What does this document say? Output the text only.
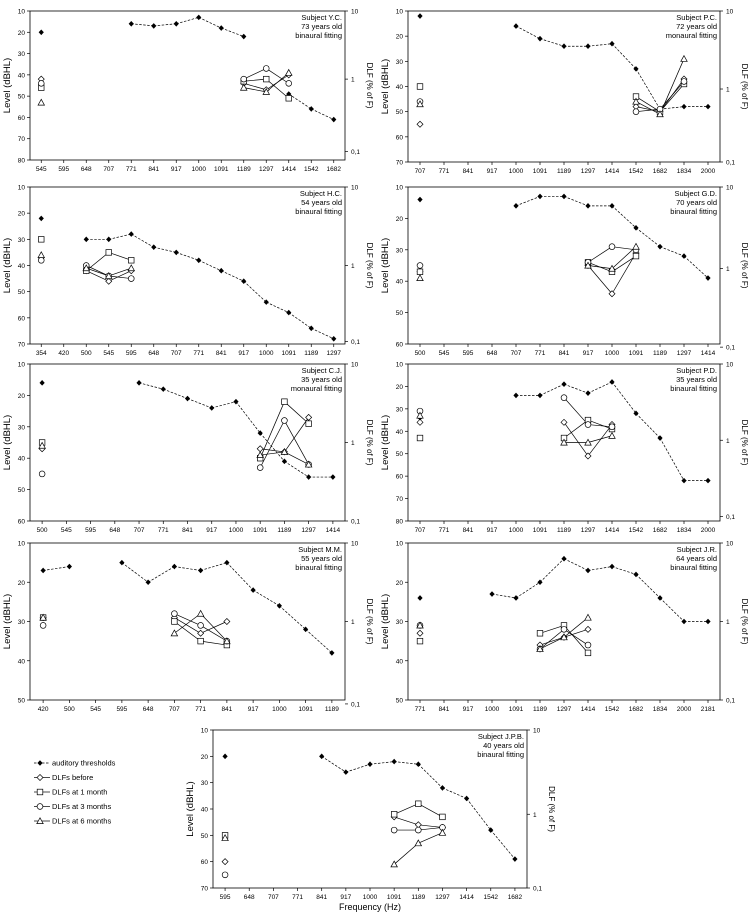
10
20
30
40
50
60
70
80
10
1
0,1
545 595 648 707 771 841 917 1000 1091 1189 1297 1414 1542 1682
Level (dBHL)	DLF (% of F)
Subject Y.C.
73 years old
binaural fitting
10
20
30
40
50
60
70
10
1
0,1
707 771 841 917 1000 1091 1189 1297 1414 1542 1682 1834 2000
Level (dBHL)	DLF (% of F)
Subject P.C.
72 years old
monaural fitting
10
20
30
40
50
60
70
10
1
0,1
354 420 500 545 595 648 707 771 841 917 1000 1091 1189 1297
Level (dBHL)	DLF (% of F)
Subject H.C.
54 years old
binaural fitting
10
20
30
40
50
60
10
1
0,1
500 545 595 648 707 771 841 917 1000 1091 1189 1297 1414
Level (dBHL)	DLF (% of F)
Subject G.D.
70 years old
binaural fitting
10
20
30
40
50
60
10
1
0,1
500 545 595 648 707 771 841 917 1000 1091 1189 1297 1414
Level (dBHL)	DLF (% of F)
Subject C.J.
35 years old
monaural fitting
10
20
30
40
50
60
70
80
10
1
0,1
707 771 841 917 1000 1091 1189 1297 1414 1542 1682 1834 2000
Level (dBHL)	DLF (% of F)
Subject P.D.
35 years old
binaural fitting
10
20
30
40
50
10
1
0,1
420 500 545 595 648 707 771 841 917 1000 1091 1189
Level (dBHL)	DLF (% of F)
Subject M.M.
55 years old
binaural fitting
10
20
30
40
50
10
1
0,1
771 841 917 1000 1091 1189 1297 1414 1542 1682 1834 2000 2181
Level (dBHL)	DLF (% of F)
Subject J.R.
64 years old
binaural fitting
10
20
30
40
50
60
70
10
1
0,1
595 648 707 771 841 917 1000 1091 1189 1297 1414 1542 1682
Level (dBHL)	DLF (% of F)
Subject J.P.B.
40 years old
binaural fitting
Frequency (Hz)
auditory thresholds
DLFs before
DLFs at 1 month
DLFs at 3 months
DLFs at 6 months
